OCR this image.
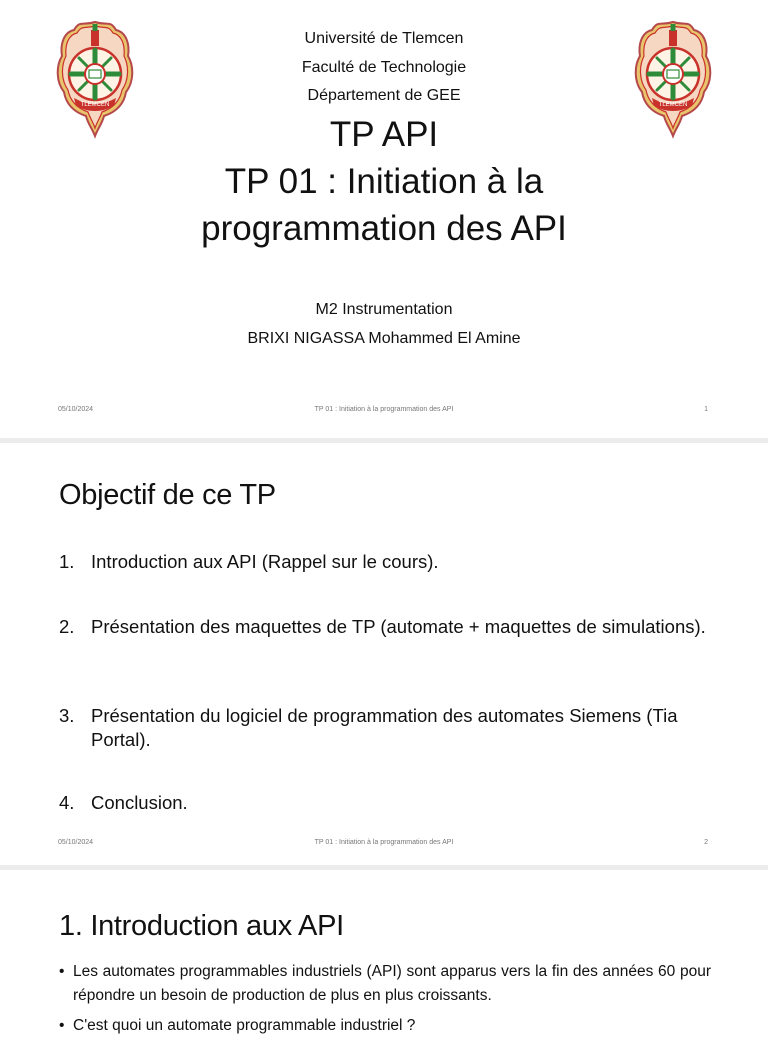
TLEMCEN	TLEMCEN
Université de Tlemcen
Faculté de Technologie
Département de GEE
TP API
TP 01 : Initiation à la
programmation des API
M2 Instrumentation
BRIXI NIGASSA Mohammed El Amine
05/10/2024	TP 01 : Initiation à la programmation des API	1
Objectif de ce TP
1. Introduction aux API (Rappel sur le cours).
2. Présentation des maquettes de TP (automate + maquettes de simulations).
3. Présentation du logiciel de programmation des automates Siemens (Tia Portal).
4. Conclusion.
05/10/2024	TP 01 : Initiation à la programmation des API	2
1. Introduction aux API
• Les automates programmables industriels (API) sont apparus vers la fin des années 60 pour répondre un besoin de production de plus en plus croissants.
• C'est quoi un automate programmable industriel ?
